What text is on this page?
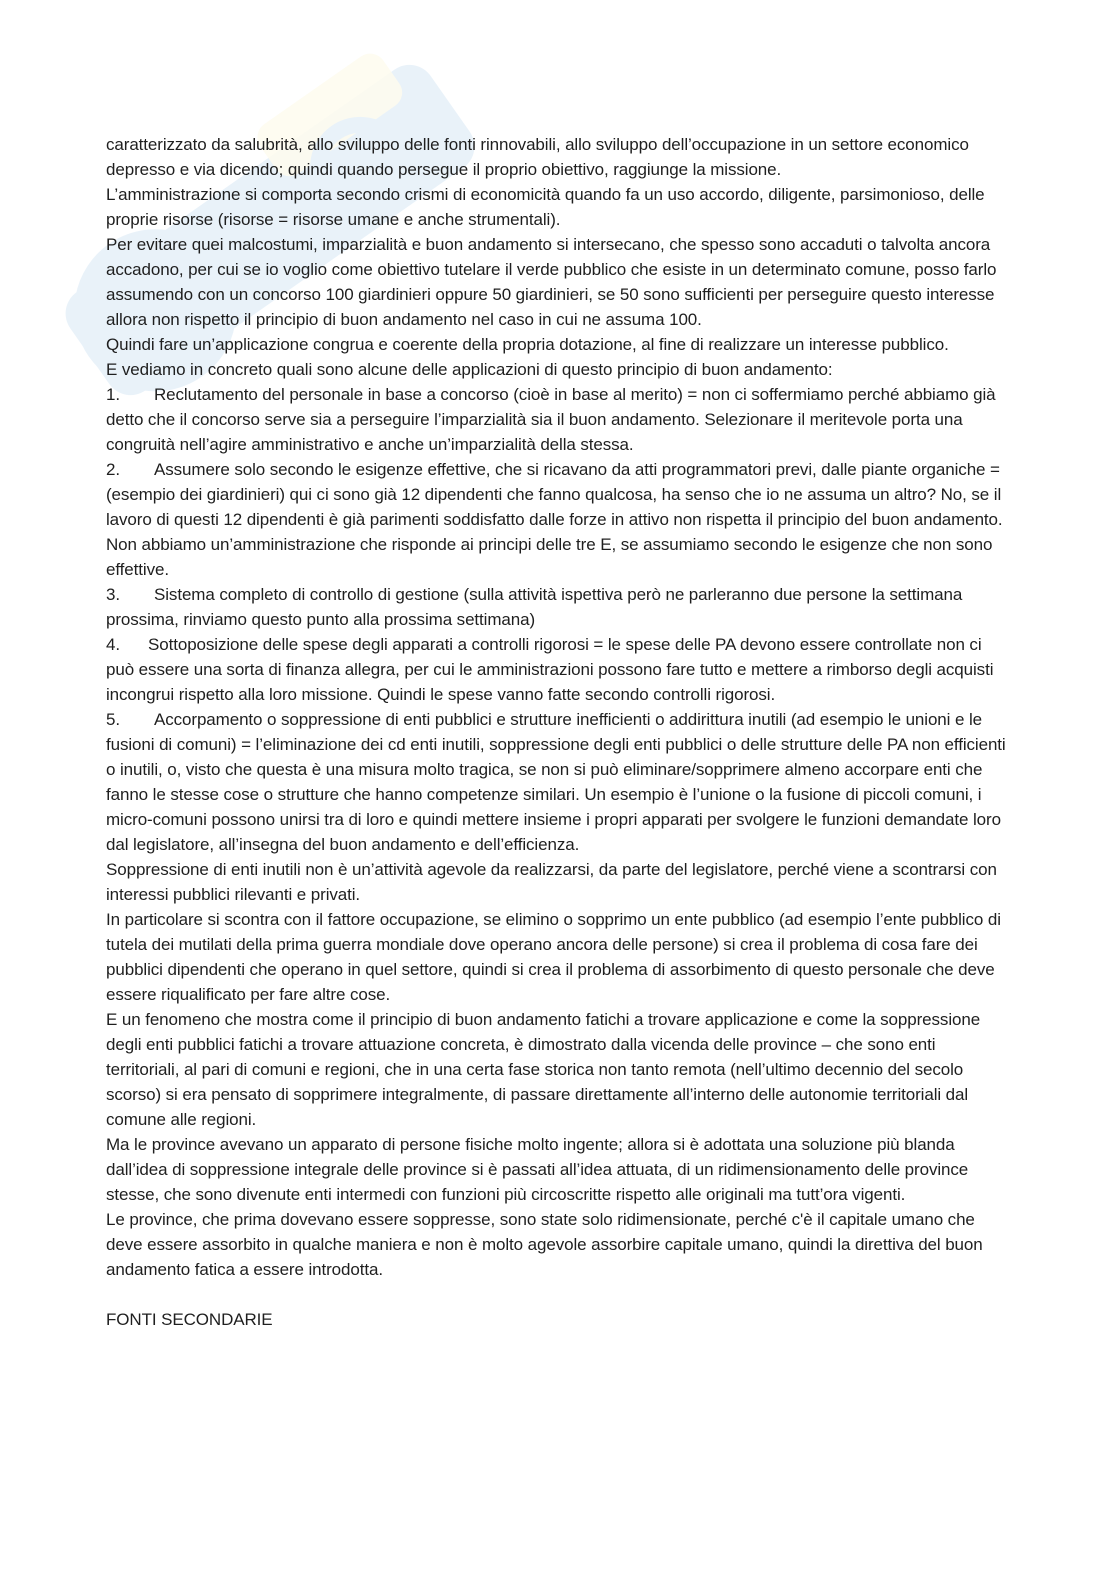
caratterizzato da salubrità, allo sviluppo delle fonti rinnovabili, allo sviluppo dell’occupazione in un settore economico depresso e via dicendo; quindi quando persegue il proprio obiettivo, raggiunge la missione.

L’amministrazione si comporta secondo crismi di economicità quando fa un uso accordo, diligente, parsimonioso, delle proprie risorse (risorse = risorse umane e anche strumentali).

Per evitare quei malcostumi, imparzialità e buon andamento si intersecano, che spesso sono accaduti o talvolta ancora accadono, per cui se io voglio come obiettivo tutelare il verde pubblico che esiste in un determinato comune, posso farlo assumendo con un concorso 100 giardinieri oppure 50 giardinieri, se 50 sono sufficienti per perseguire questo interesse allora non rispetto il principio di buon andamento nel caso in cui ne assuma 100.

Quindi fare un’applicazione congrua e coerente della propria dotazione, al fine di realizzare un interesse pubblico.

E vediamo in concreto quali sono alcune delle applicazioni di questo principio di buon andamento:

1. Reclutamento del personale in base a concorso (cioè in base al merito) = non ci soffermiamo perché abbiamo già detto che il concorso serve sia a perseguire l’imparzialità sia il buon andamento. Selezionare il meritevole porta una congruità nell’agire amministrativo e anche un’imparzialità della stessa.

2. Assumere solo secondo le esigenze effettive, che si ricavano da atti programmatori previ, dalle piante organiche = (esempio dei giardinieri) qui ci sono già 12 dipendenti che fanno qualcosa, ha senso che io ne assuma un altro? No, se il lavoro di questi 12 dipendenti è già parimenti soddisfatto dalle forze in attivo non rispetta il principio del buon andamento. Non abbiamo un’amministrazione che risponde ai principi delle tre E, se assumiamo secondo le esigenze che non sono effettive.

3. Sistema completo di controllo di gestione (sulla attività ispettiva però ne parleranno due persone la settimana prossima, rinviamo questo punto alla prossima settimana)

4. Sottoposizione delle spese degli apparati a controlli rigorosi = le spese delle PA devono essere controllate non ci può essere una sorta di finanza allegra, per cui le amministrazioni possono fare tutto e mettere a rimborso degli acquisti incongrui rispetto alla loro missione. Quindi le spese vanno fatte secondo controlli rigorosi.

5. Accorpamento o soppressione di enti pubblici e strutture inefficienti o addirittura inutili (ad esempio le unioni e le fusioni di comuni) = l’eliminazione dei cd enti inutili, soppressione degli enti pubblici o delle strutture delle PA non efficienti o inutili, o, visto che questa è una misura molto tragica, se non si può eliminare/sopprimere almeno accorpare enti che fanno le stesse cose o strutture che hanno competenze similari. Un esempio è l’unione o la fusione di piccoli comuni, i micro-comuni possono unirsi tra di loro e quindi mettere insieme i propri apparati per svolgere le funzioni demandate loro dal legislatore, all’insegna del buon andamento e dell’efficienza.

Soppressione di enti inutili non è un’attività agevole da realizzarsi, da parte del legislatore, perché viene a scontrarsi con interessi pubblici rilevanti e privati.

In particolare si scontra con il fattore occupazione, se elimino o sopprimo un ente pubblico (ad esempio l’ente pubblico di tutela dei mutilati della prima guerra mondiale dove operano ancora delle persone) si crea il problema di cosa fare dei pubblici dipendenti che operano in quel settore, quindi si crea il problema di assorbimento di questo personale che deve essere riqualificato per fare altre cose.

E un fenomeno che mostra come il principio di buon andamento fatichi a trovare applicazione e come la soppressione degli enti pubblici fatichi a trovare attuazione concreta, è dimostrato dalla vicenda delle province – che sono enti territoriali, al pari di comuni e regioni, che in una certa fase storica non tanto remota (nell’ultimo decennio del secolo scorso) si era pensato di sopprimere integralmente, di passare direttamente all’interno delle autonomie territoriali dal comune alle regioni.

Ma le province avevano un apparato di persone fisiche molto ingente; allora si è adottata una soluzione più blanda dall’idea di soppressione integrale delle province si è passati all’idea attuata, di un ridimensionamento delle province stesse, che sono divenute enti intermedi con funzioni più circoscritte rispetto alle originali ma tutt’ora vigenti.

Le province, che prima dovevano essere soppresse, sono state solo ridimensionate, perché c'è il capitale umano che deve essere assorbito in qualche maniera e non è molto agevole assorbire capitale umano, quindi la direttiva del buon andamento fatica a essere introdotta.

FONTI SECONDARIE
